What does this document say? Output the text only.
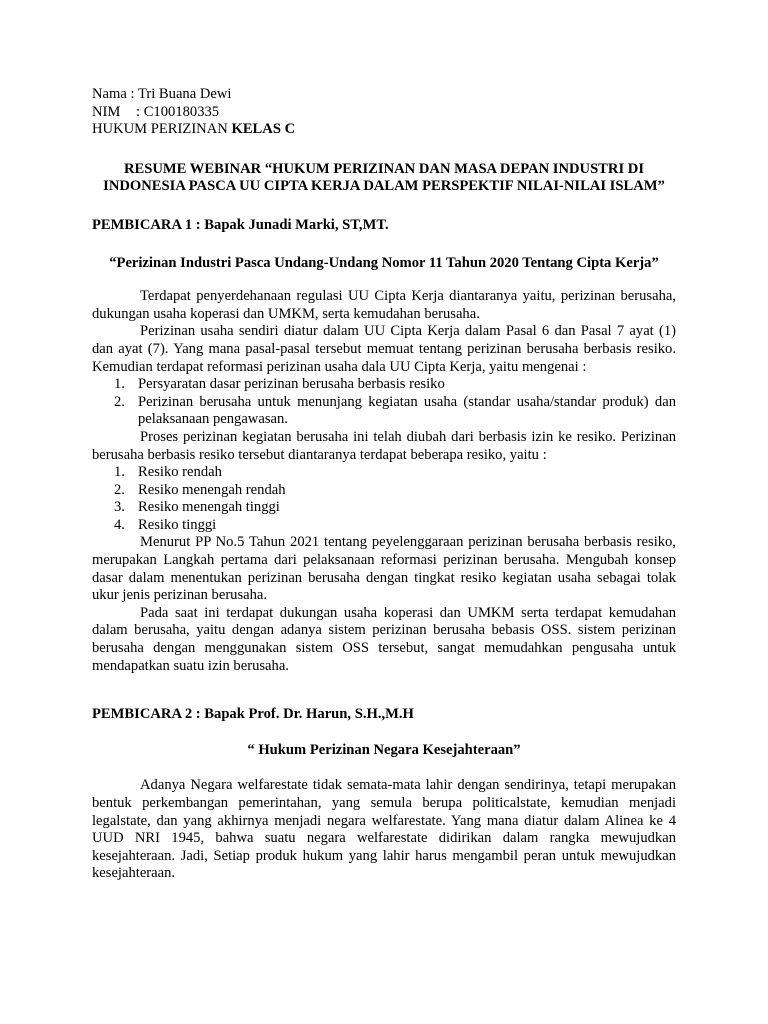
Nama : Tri Buana Dewi

NIM : C100180335

HUKUM PERIZINAN KELAS C

RESUME WEBINAR “HUKUM PERIZINAN DAN MASA DEPAN INDUSTRI DI INDONESIA PASCA UU CIPTA KERJA DALAM PERSPEKTIF NILAI-NILAI ISLAM”

PEMBICARA 1 : Bapak Junadi Marki, ST,MT.

“Perizinan Industri Pasca Undang-Undang Nomor 11 Tahun 2020 Tentang Cipta Kerja”

Terdapat penyerdehanaan regulasi UU Cipta Kerja diantaranya yaitu, perizinan berusaha, dukungan usaha koperasi dan UMKM, serta kemudahan berusaha.

Perizinan usaha sendiri diatur dalam UU Cipta Kerja dalam Pasal 6 dan Pasal 7 ayat (1) dan ayat (7). Yang mana pasal-pasal tersebut memuat tentang perizinan berusaha berbasis resiko. Kemudian terdapat reformasi perizinan usaha dala UU Cipta Kerja, yaitu mengenai :

1. Persyaratan dasar perizinan berusaha berbasis resiko
2. Perizinan berusaha untuk menunjang kegiatan usaha (standar usaha/standar produk) dan pelaksanaan pengawasan.

Proses perizinan kegiatan berusaha ini telah diubah dari berbasis izin ke resiko. Perizinan berusaha berbasis resiko tersebut diantaranya terdapat beberapa resiko, yaitu :

1. Resiko rendah
2. Resiko menengah rendah
3. Resiko menengah tinggi
4. Resiko tinggi

Menurut PP No.5 Tahun 2021 tentang peyelenggaraan perizinan berusaha berbasis resiko, merupakan Langkah pertama dari pelaksanaan reformasi perizinan berusaha. Mengubah konsep dasar dalam menentukan perizinan berusaha dengan tingkat resiko kegiatan usaha sebagai tolak ukur jenis perizinan berusaha.

Pada saat ini terdapat dukungan usaha koperasi dan UMKM serta terdapat kemudahan dalam berusaha, yaitu dengan adanya sistem perizinan berusaha bebasis OSS. sistem perizinan berusaha dengan menggunakan sistem OSS tersebut, sangat memudahkan pengusaha untuk mendapatkan suatu izin berusaha.

PEMBICARA 2 : Bapak Prof. Dr. Harun, S.H.,M.H

“ Hukum Perizinan Negara Kesejahteraan”

Adanya Negara welfarestate tidak semata-mata lahir dengan sendirinya, tetapi merupakan bentuk perkembangan pemerintahan, yang semula berupa politicalstate, kemudian menjadi legalstate, dan yang akhirnya menjadi negara welfarestate. Yang mana diatur dalam Alinea ke 4 UUD NRI 1945, bahwa suatu negara welfarestate didirikan dalam rangka mewujudkan kesejahteraan. Jadi, Setiap produk hukum yang lahir harus mengambil peran untuk mewujudkan kesejahteraan.
